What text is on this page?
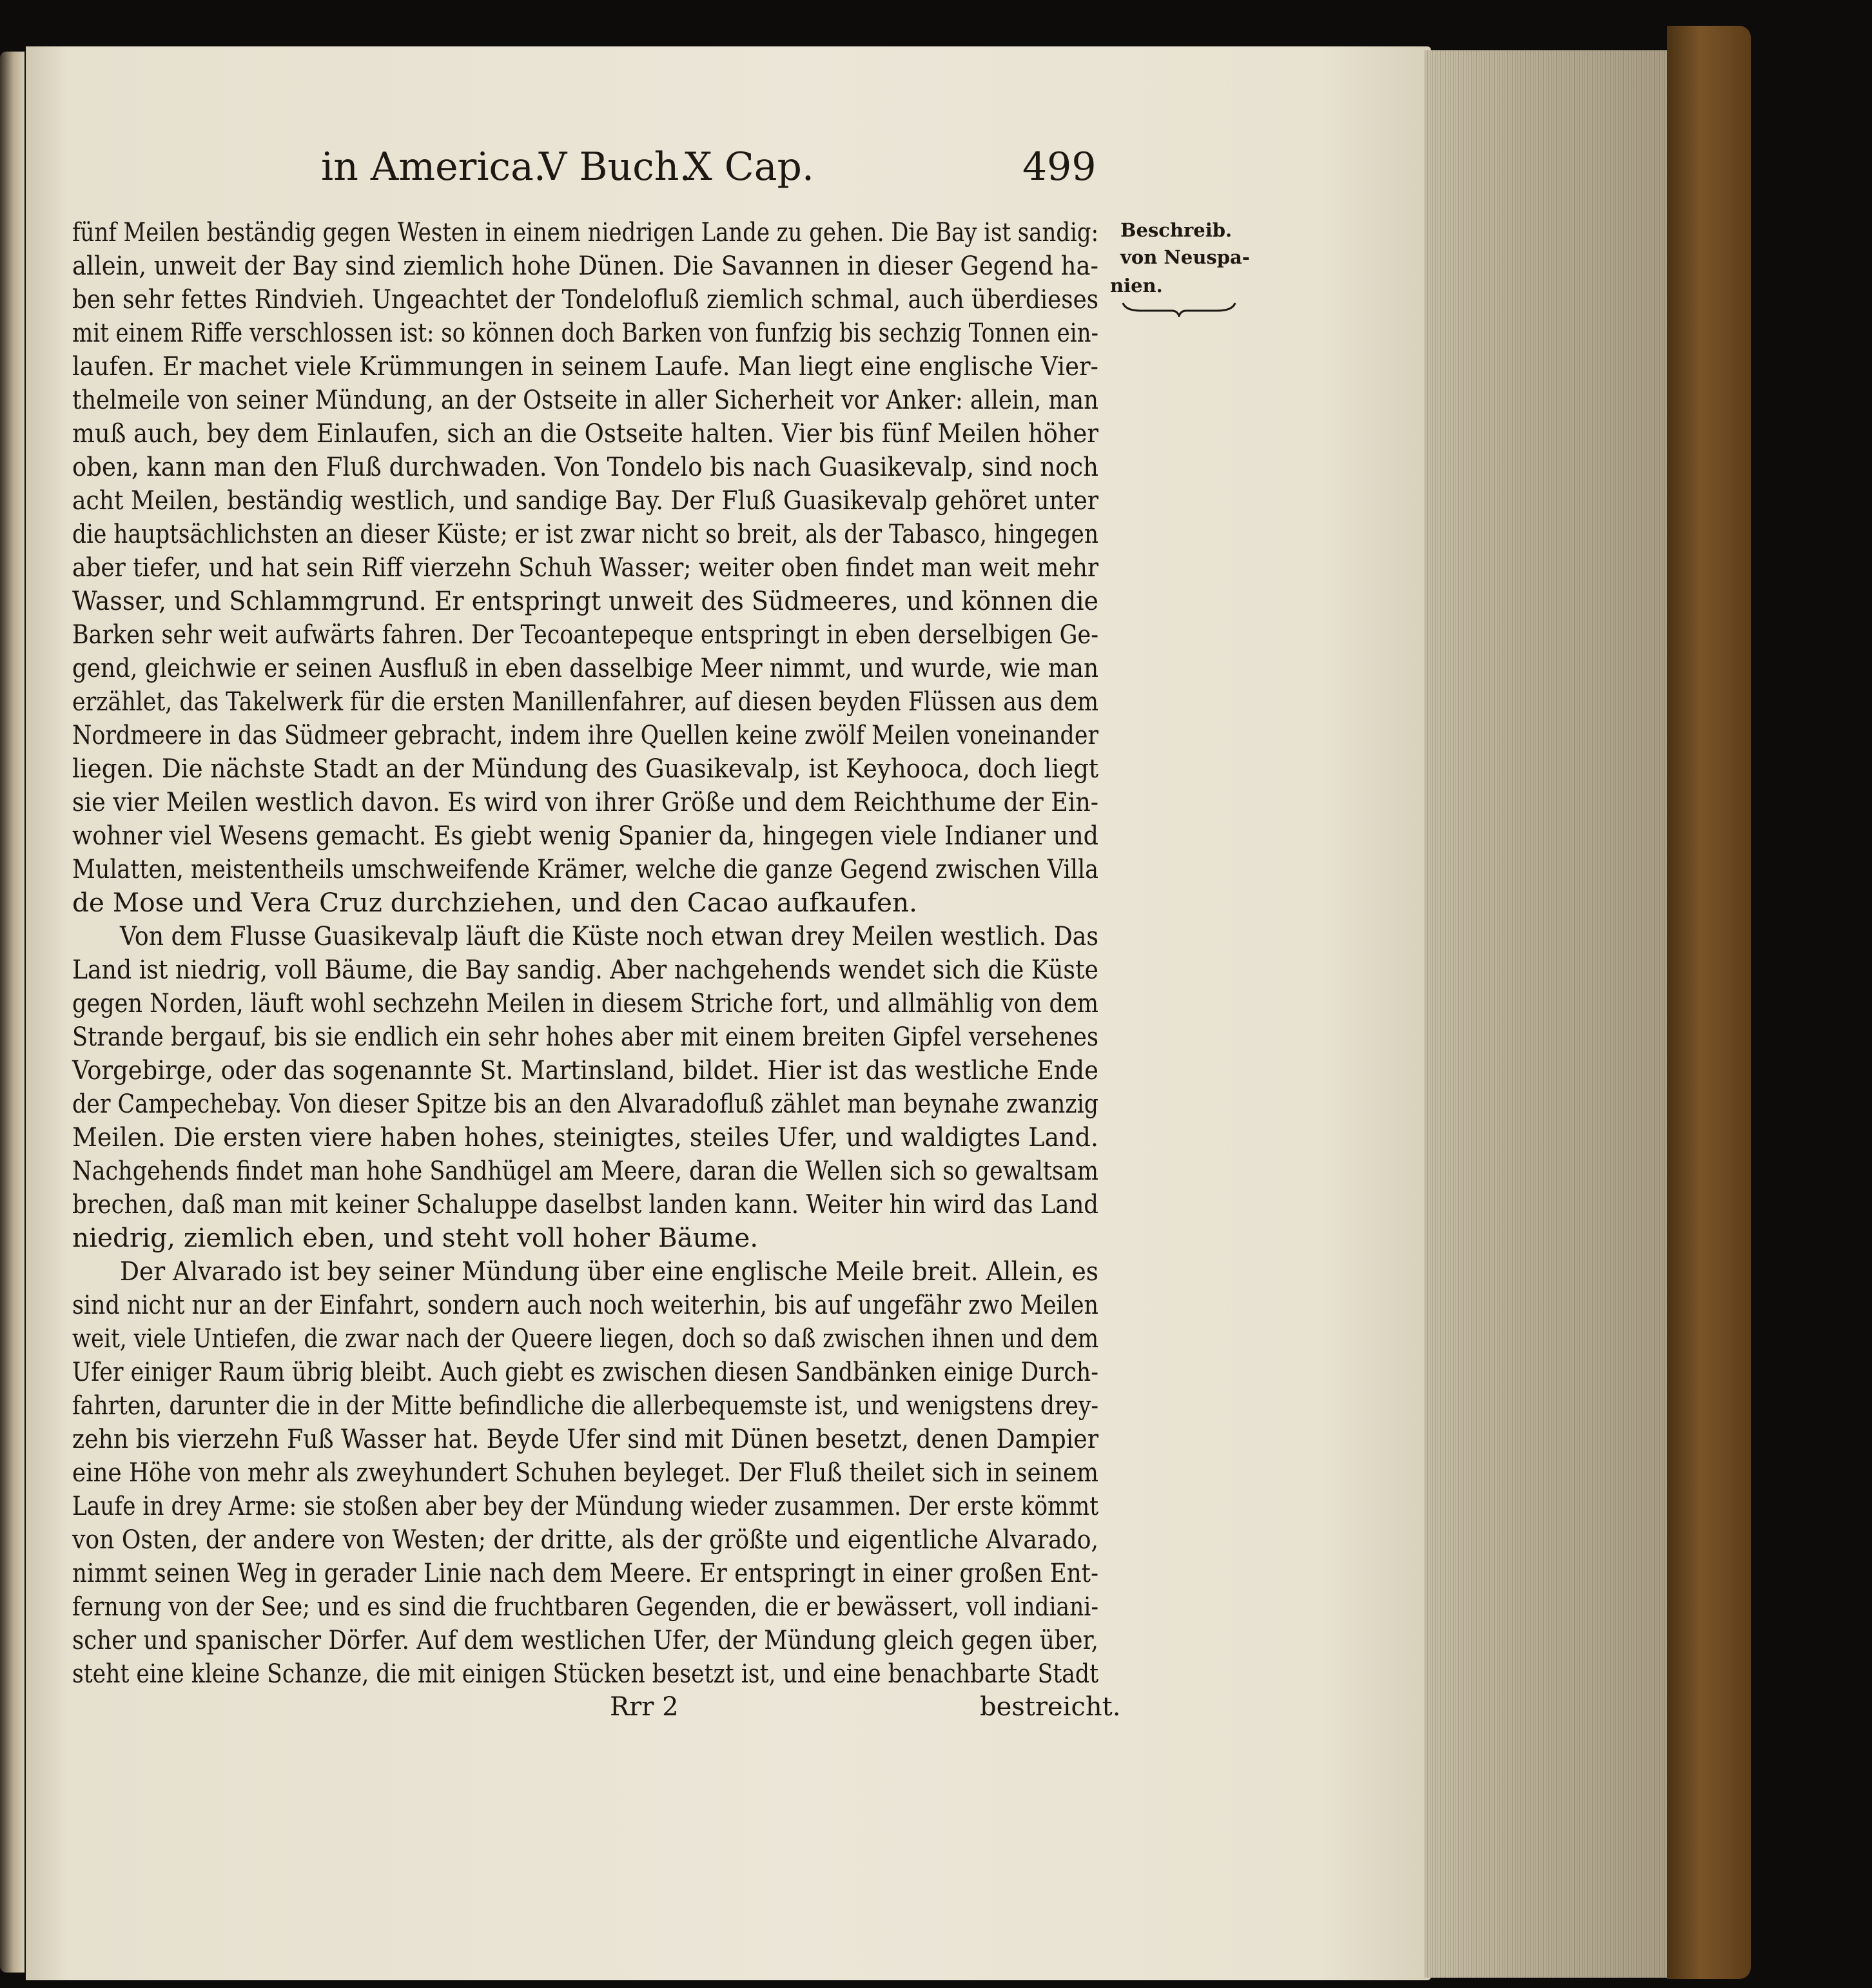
in America.
V Buch.
X Cap.	499
Beschreib.
von Neuspa-
nien.
fünf Meilen beständig gegen Westen in einem niedrigen Lande zu gehen. Die Bay ist sandig:
allein, unweit der Bay sind ziemlich hohe Dünen. Die Savannen in dieser Gegend ha-
ben sehr fettes Rindvieh. Ungeachtet der Tondelofluß ziemlich schmal, auch überdieses
mit einem Riffe verschlossen ist: so können doch Barken von funfzig bis sechzig Tonnen ein-
laufen. Er machet viele Krümmungen in seinem Laufe. Man liegt eine englische Vier-
thelmeile von seiner Mündung, an der Ostseite in aller Sicherheit vor Anker: allein, man
muß auch, bey dem Einlaufen, sich an die Ostseite halten. Vier bis fünf Meilen höher
oben, kann man den Fluß durchwaden. Von Tondelo bis nach Guasikevalp, sind noch
acht Meilen, beständig westlich, und sandige Bay. Der Fluß Guasikevalp gehöret unter
die hauptsächlichsten an dieser Küste; er ist zwar nicht so breit, als der Tabasco, hingegen
aber tiefer, und hat sein Riff vierzehn Schuh Wasser; weiter oben findet man weit mehr
Wasser, und Schlammgrund. Er entspringt unweit des Südmeeres, und können die
Barken sehr weit aufwärts fahren. Der Tecoantepeque entspringt in eben derselbigen Ge-
gend, gleichwie er seinen Ausfluß in eben dasselbige Meer nimmt, und wurde, wie man
erzählet, das Takelwerk für die ersten Manillenfahrer, auf diesen beyden Flüssen aus dem
Nordmeere in das Südmeer gebracht, indem ihre Quellen keine zwölf Meilen voneinander
liegen. Die nächste Stadt an der Mündung des Guasikevalp, ist Keyhooca, doch liegt
sie vier Meilen westlich davon. Es wird von ihrer Größe und dem Reichthume der Ein-
wohner viel Wesens gemacht. Es giebt wenig Spanier da, hingegen viele Indianer und
Mulatten, meistentheils umschweifende Krämer, welche die ganze Gegend zwischen Villa
de Mose und Vera Cruz durchziehen, und den Cacao aufkaufen.
Von dem Flusse Guasikevalp läuft die Küste noch etwan drey Meilen westlich. Das
Land ist niedrig, voll Bäume, die Bay sandig. Aber nachgehends wendet sich die Küste
gegen Norden, läuft wohl sechzehn Meilen in diesem Striche fort, und allmählig von dem
Strande bergauf, bis sie endlich ein sehr hohes aber mit einem breiten Gipfel versehenes
Vorgebirge, oder das sogenannte St. Martinsland, bildet. Hier ist das westliche Ende
der Campechebay. Von dieser Spitze bis an den Alvaradofluß zählet man beynahe zwanzig
Meilen. Die ersten viere haben hohes, steinigtes, steiles Ufer, und waldigtes Land.
Nachgehends findet man hohe Sandhügel am Meere, daran die Wellen sich so gewaltsam
brechen, daß man mit keiner Schaluppe daselbst landen kann. Weiter hin wird das Land
niedrig, ziemlich eben, und steht voll hoher Bäume.
Der Alvarado ist bey seiner Mündung über eine englische Meile breit. Allein, es
sind nicht nur an der Einfahrt, sondern auch noch weiterhin, bis auf ungefähr zwo Meilen
weit, viele Untiefen, die zwar nach der Queere liegen, doch so daß zwischen ihnen und dem
Ufer einiger Raum übrig bleibt. Auch giebt es zwischen diesen Sandbänken einige Durch-
fahrten, darunter die in der Mitte befindliche die allerbequemste ist, und wenigstens drey-
zehn bis vierzehn Fuß Wasser hat. Beyde Ufer sind mit Dünen besetzt, denen Dampier
eine Höhe von mehr als zweyhundert Schuhen beyleget. Der Fluß theilet sich in seinem
Laufe in drey Arme: sie stoßen aber bey der Mündung wieder zusammen. Der erste kömmt
von Osten, der andere von Westen; der dritte, als der größte und eigentliche Alvarado,
nimmt seinen Weg in gerader Linie nach dem Meere. Er entspringt in einer großen Ent-
fernung von der See; und es sind die fruchtbaren Gegenden, die er bewässert, voll indiani-
scher und spanischer Dörfer. Auf dem westlichen Ufer, der Mündung gleich gegen über,
steht eine kleine Schanze, die mit einigen Stücken besetzt ist, und eine benachbarte Stadt
Rrr 2	bestreicht.
